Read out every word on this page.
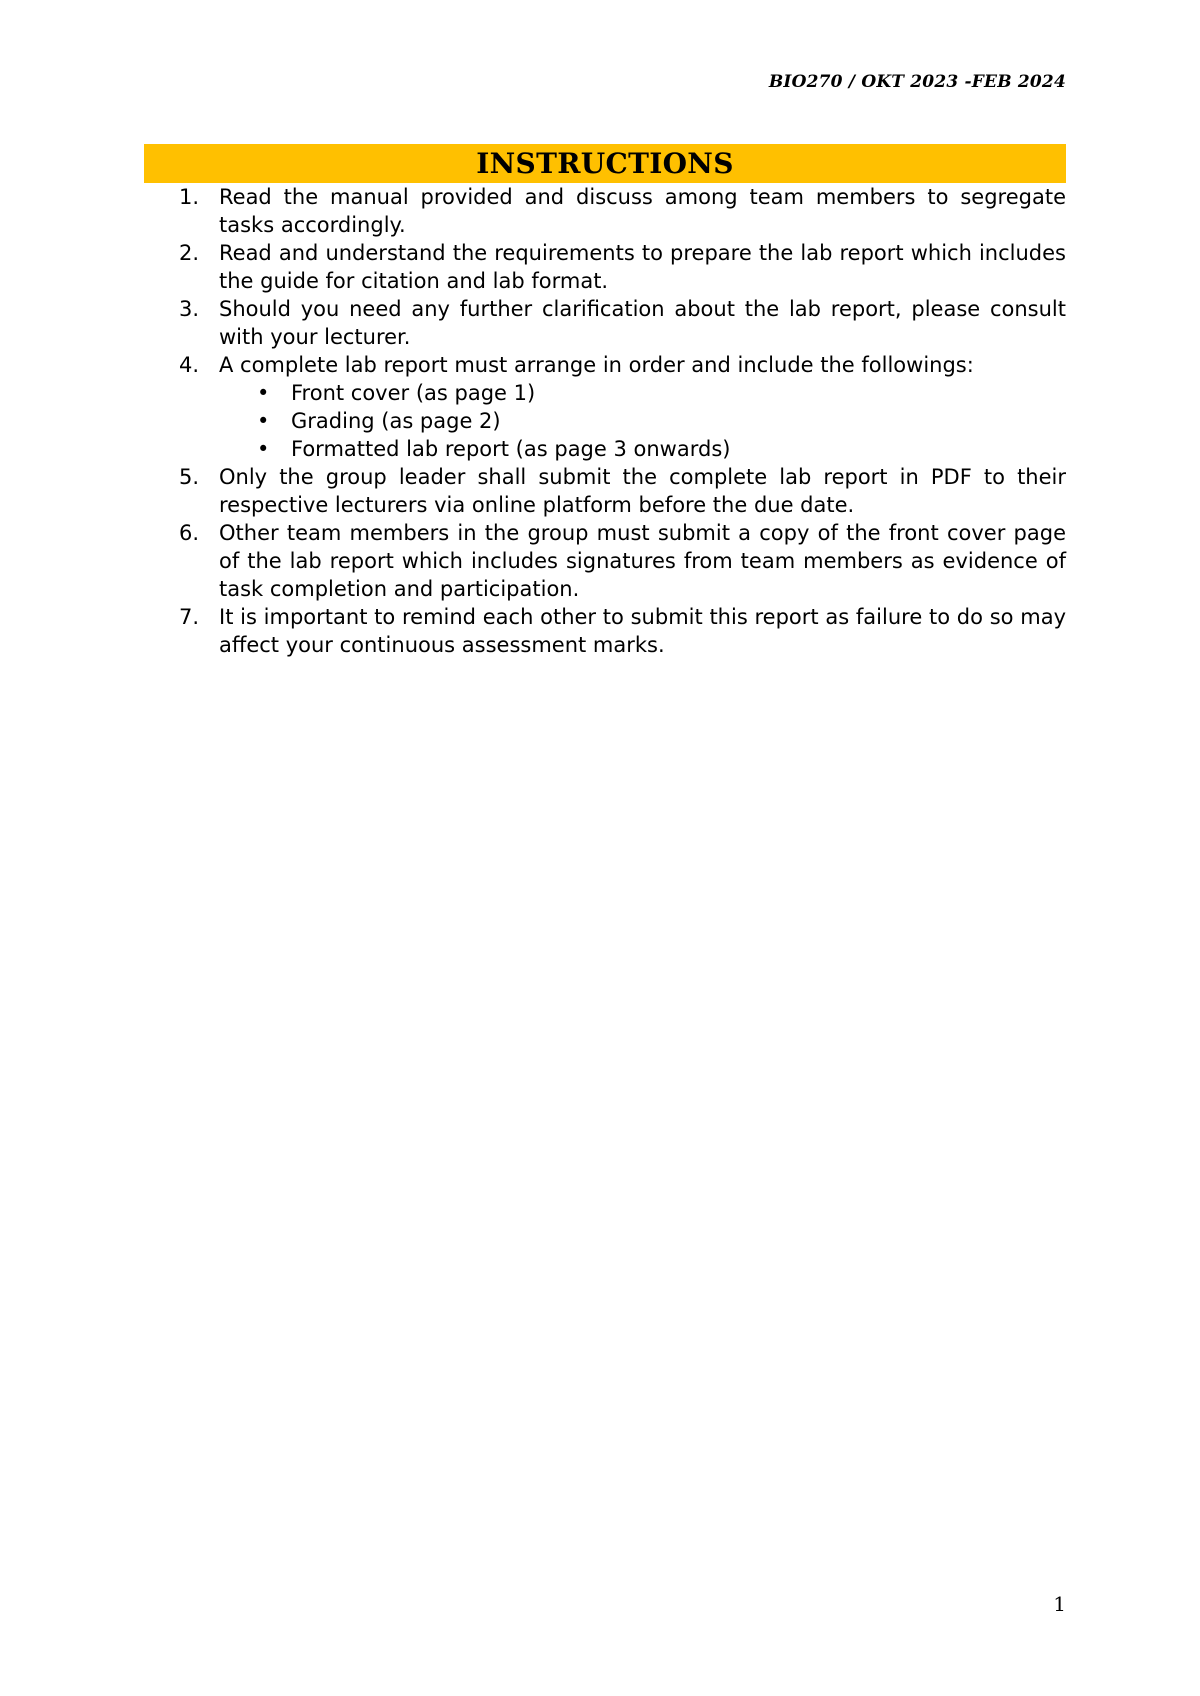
BIO270 / OKT 2023 -FEB 2024
INSTRUCTIONS
1. Read the manual provided and discuss among team members to segregate tasks accordingly.
2. Read and understand the requirements to prepare the lab report which includes the guide for citation and lab format.
3. Should you need any further clarification about the lab report, please consult with your lecturer.
4. A complete lab report must arrange in order and include the followings:
• Front cover (as page 1)
• Grading (as page 2)
• Formatted lab report (as page 3 onwards)
5. Only the group leader shall submit the complete lab report in PDF to their respective lecturers via online platform before the due date.
6. Other team members in the group must submit a copy of the front cover page of the lab report which includes signatures from team members as evidence of task completion and participation.
7. It is important to remind each other to submit this report as failure to do so may affect your continuous assessment marks.
1
